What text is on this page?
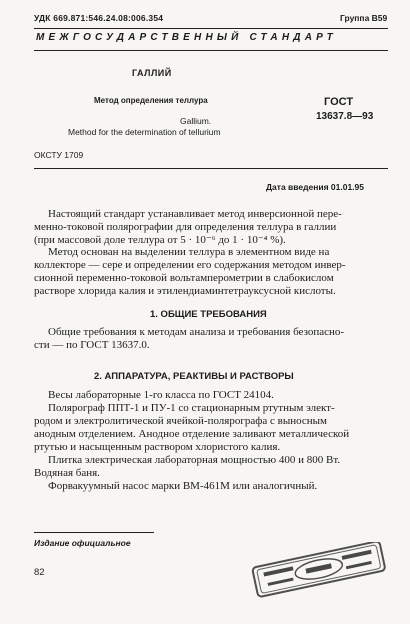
УДК 669.871:546.24.08:006.354	Группа В59
МЕЖГОСУДАРСТВЕННЫЙ СТАНДАРТ
ГАЛЛИЙ
Метод определения теллура	ГОСТ
13637.8—93
Gallium.
Method for the determination of tellurium
ОКСТУ 1709
Дата введения 01.01.95
Настоящий стандарт устанавливает метод инверсионной пере-
менно-токовой полярографии для определения теллура в галлии
(при массовой доле теллура от 5 · 10⁻⁶ до 1 · 10⁻⁴ %).
Метод основан на выделении теллура в элементном виде на
коллекторе — сере и определении его содержания методом инвер-
сионной переменно-токовой вольтамперометрии в слабокислом
растворе хлорида калия и этилендиаминтетрауксусной кислоты.
1. ОБЩИЕ ТРЕБОВАНИЯ
Общие требования к методам анализа и требования безопасно-
сти — по ГОСТ 13637.0.
2. АППАРАТУРА, РЕАКТИВЫ И РАСТВОРЫ
Весы лабораторные 1-го класса по ГОСТ 24104.
Полярограф ППТ-1 и ПУ-1 со стационарным ртутным элект-
родом и электролитической ячейкой-полярографа с выносным
анодным отделением. Анодное отделение заливают металлической
ртутью и насыщенным раствором хлористого калия.
Плитка электрическая лабораторная мощностью 400 и 800 Вт.
Водяная баня.
Форвакуумный насос марки ВМ-461М или аналогичный.
Издание официальное
82
